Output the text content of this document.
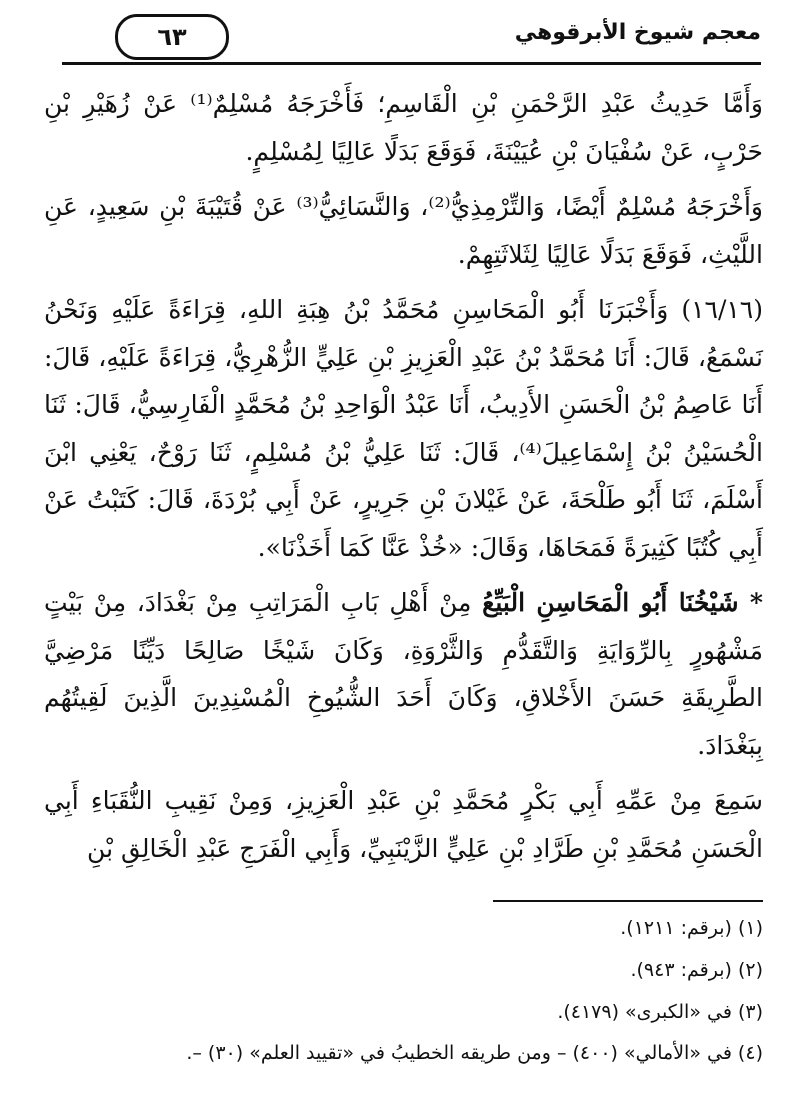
معجم شيوخ الأبرقوهي
٦٣

وَأَمَّا حَدِيثُ عَبْدِ الرَّحْمَنِ بْنِ الْقَاسِمِ؛ فَأَخْرَجَهُ مُسْلِمٌ⁽¹⁾ عَنْ زُهَيْرِ بْنِ حَرْبٍ، عَنْ سُفْيَانَ بْنِ عُيَيْنَةَ، فَوَقَعَ بَدَلًا عَالِيًا لِمُسْلِمٍ.

وَأَخْرَجَهُ مُسْلِمٌ أَيْضًا، وَالتِّرْمِذِيُّ⁽²⁾، وَالنَّسَائِيُّ⁽³⁾ عَنْ قُتَيْبَةَ بْنِ سَعِيدٍ، عَنِ اللَّيْثِ، فَوَقَعَ بَدَلًا عَالِيًا لِثَلاثَتِهِمْ.

(١٦/١٦) وَأَخْبَرَنَا أَبُو الْمَحَاسِنِ مُحَمَّدُ بْنُ هِبَةِ اللهِ، قِرَاءَةً عَلَيْهِ وَنَحْنُ نَسْمَعُ، قَالَ: أَنَا مُحَمَّدُ بْنُ عَبْدِ الْعَزِيزِ بْنِ عَلِيٍّ الزُّهْرِيُّ، قِرَاءَةً عَلَيْهِ، قَالَ: أَنَا عَاصِمُ بْنُ الْحَسَنِ الأَدِيبُ، أَنَا عَبْدُ الْوَاحِدِ بْنُ مُحَمَّدٍ الْفَارِسِيُّ، قَالَ: ثَنَا الْحُسَيْنُ بْنُ إِسْمَاعِيلَ⁽⁴⁾، قَالَ: ثَنَا عَلِيُّ بْنُ مُسْلِمٍ، ثَنَا رَوْحٌ، يَعْنِي ابْنَ أَسْلَمَ، ثَنَا أَبُو طَلْحَةَ، عَنْ غَيْلانَ بْنِ جَرِيرٍ، عَنْ أَبِي بُرْدَةَ، قَالَ: كَتَبْتُ عَنْ أَبِي كُتُبًا كَثِيرَةً فَمَحَاهَا، وَقَالَ: «خُذْ عَنَّا كَمَا أَخَذْنَا».

* شَيْخُنَا أَبُو الْمَحَاسِنِ الْبَيِّعُ مِنْ أَهْلِ بَابِ الْمَرَاتِبِ مِنْ بَغْدَادَ، مِنْ بَيْتٍ مَشْهُورٍ بِالرِّوَايَةِ وَالتَّقَدُّمِ وَالثَّرْوَةِ، وَكَانَ شَيْخًا صَالِحًا دَيِّنًا مَرْضِيَّ الطَّرِيقَةِ حَسَنَ الأَخْلاقِ، وَكَانَ أَحَدَ الشُّيُوخِ الْمُسْنِدِينَ الَّذِينَ لَقِيتُهُم بِبَغْدَادَ.

سَمِعَ مِنْ عَمِّهِ أَبِي بَكْرٍ مُحَمَّدِ بْنِ عَبْدِ الْعَزِيزِ، وَمِنْ نَقِيبِ النُّقَبَاءِ أَبِي الْحَسَنِ مُحَمَّدِ بْنِ طَرَّادِ بْنِ عَلِيٍّ الزَّيْنَبِيِّ، وَأَبِي الْفَرَجِ عَبْدِ الْخَالِقِ بْنِ

(١) (برقم: ١٢١١).

(٢) (برقم: ٩٤٣).

(٣) في «الكبرى» (٤١٧٩).

(٤) في «الأمالي» (٤٠٠) – ومن طريقه الخطيبُ في «تقييد العلم» (٣٠) –.
